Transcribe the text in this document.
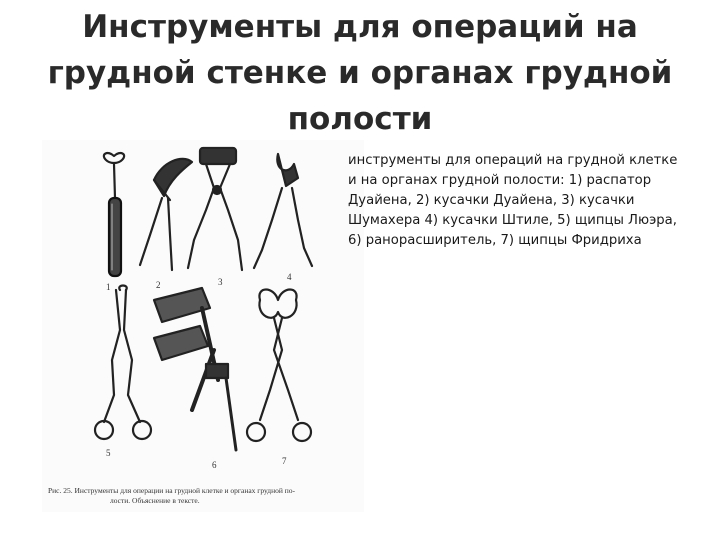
Инструменты для операций на грудной стенке и органах грудной полости
1	2	3	4
5
6	7
Рис. 25. Инструменты для операции на грудной клетке и органах грудной по-
лости. Объяснение в тексте.
инструменты для операций на грудной клетке и на органах грудной полости: 1) распатор Дуайена, 2) кусачки Дуайена, 3) кусачки Шумахера 4) кусачки Штиле, 5) щипцы Люэра, 6) ранорасширитель, 7) щипцы Фридриха
